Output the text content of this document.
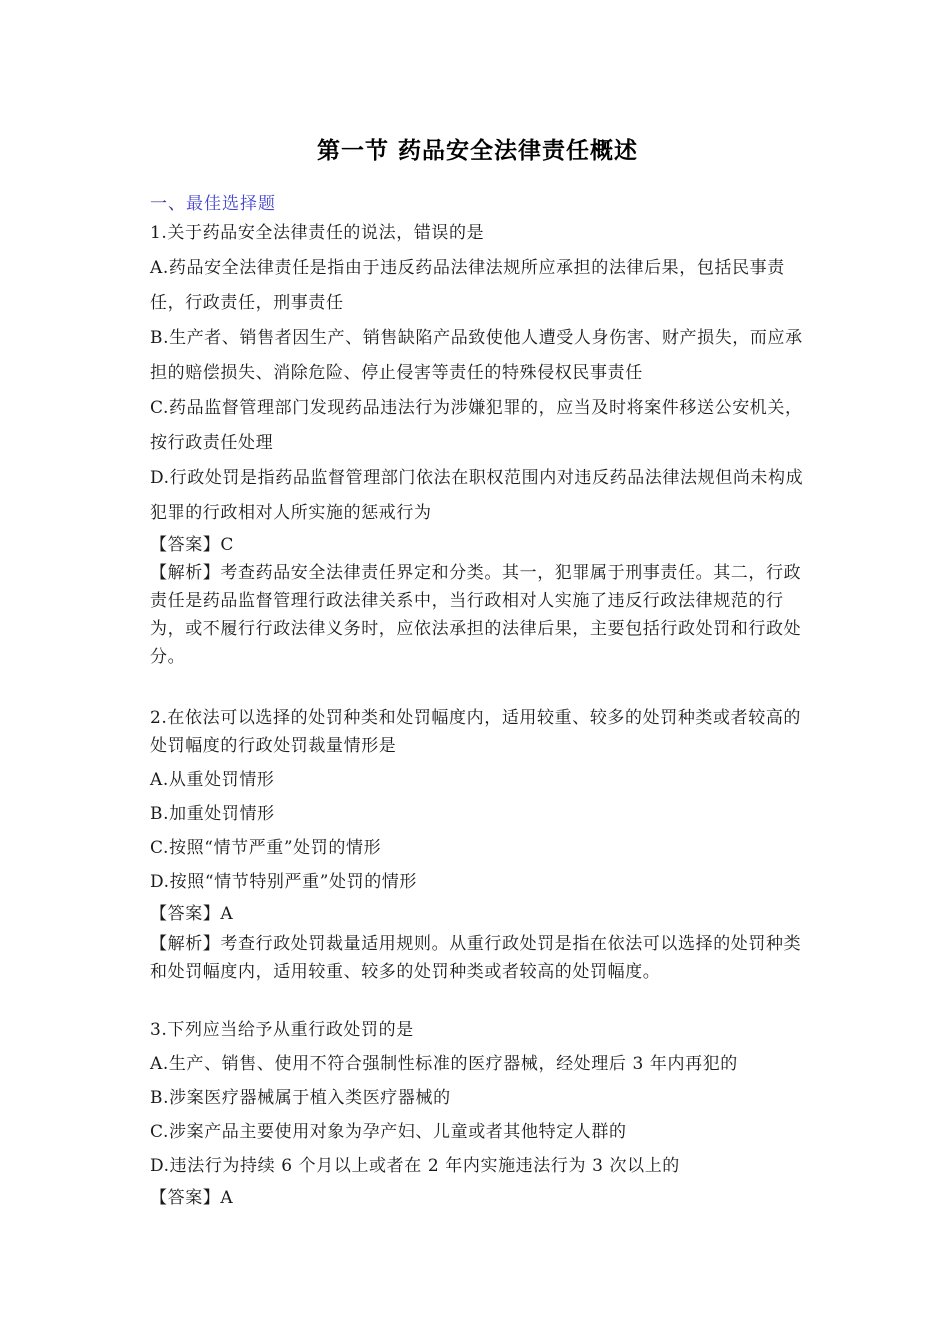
第一节 药品安全法律责任概述
一、最佳选择题

1.关于药品安全法律责任的说法，错误的是

A.药品安全法律责任是指由于违反药品法律法规所应承担的法律后果，包括民事责任，行政责任，刑事责任

B.生产者、销售者因生产、销售缺陷产品致使他人遭受人身伤害、财产损失，而应承担的赔偿损失、消除危险、停止侵害等责任的特殊侵权民事责任

C.药品监督管理部门发现药品违法行为涉嫌犯罪的，应当及时将案件移送公安机关，按行政责任处理

D.行政处罚是指药品监督管理部门依法在职权范围内对违反药品法律法规但尚未构成犯罪的行政相对人所实施的惩戒行为

【答案】C

【解析】考查药品安全法律责任界定和分类。其一，犯罪属于刑事责任。其二，行政责任是药品监督管理行政法律关系中，当行政相对人实施了违反行政法律规范的行为，或不履行行政法律义务时，应依法承担的法律后果，主要包括行政处罚和行政处分。

2.在依法可以选择的处罚种类和处罚幅度内，适用较重、较多的处罚种类或者较高的处罚幅度的行政处罚裁量情形是

A.从重处罚情形

B.加重处罚情形

C.按照“情节严重”处罚的情形

D.按照“情节特别严重”处罚的情形

【答案】A

【解析】考查行政处罚裁量适用规则。从重行政处罚是指在依法可以选择的处罚种类和处罚幅度内，适用较重、较多的处罚种类或者较高的处罚幅度。

3.下列应当给予从重行政处罚的是

A.生产、销售、使用不符合强制性标准的医疗器械，经处理后 3 年内再犯的

B.涉案医疗器械属于植入类医疗器械的

C.涉案产品主要使用对象为孕产妇、儿童或者其他特定人群的

D.违法行为持续 6 个月以上或者在 2 年内实施违法行为 3 次以上的

【答案】A
